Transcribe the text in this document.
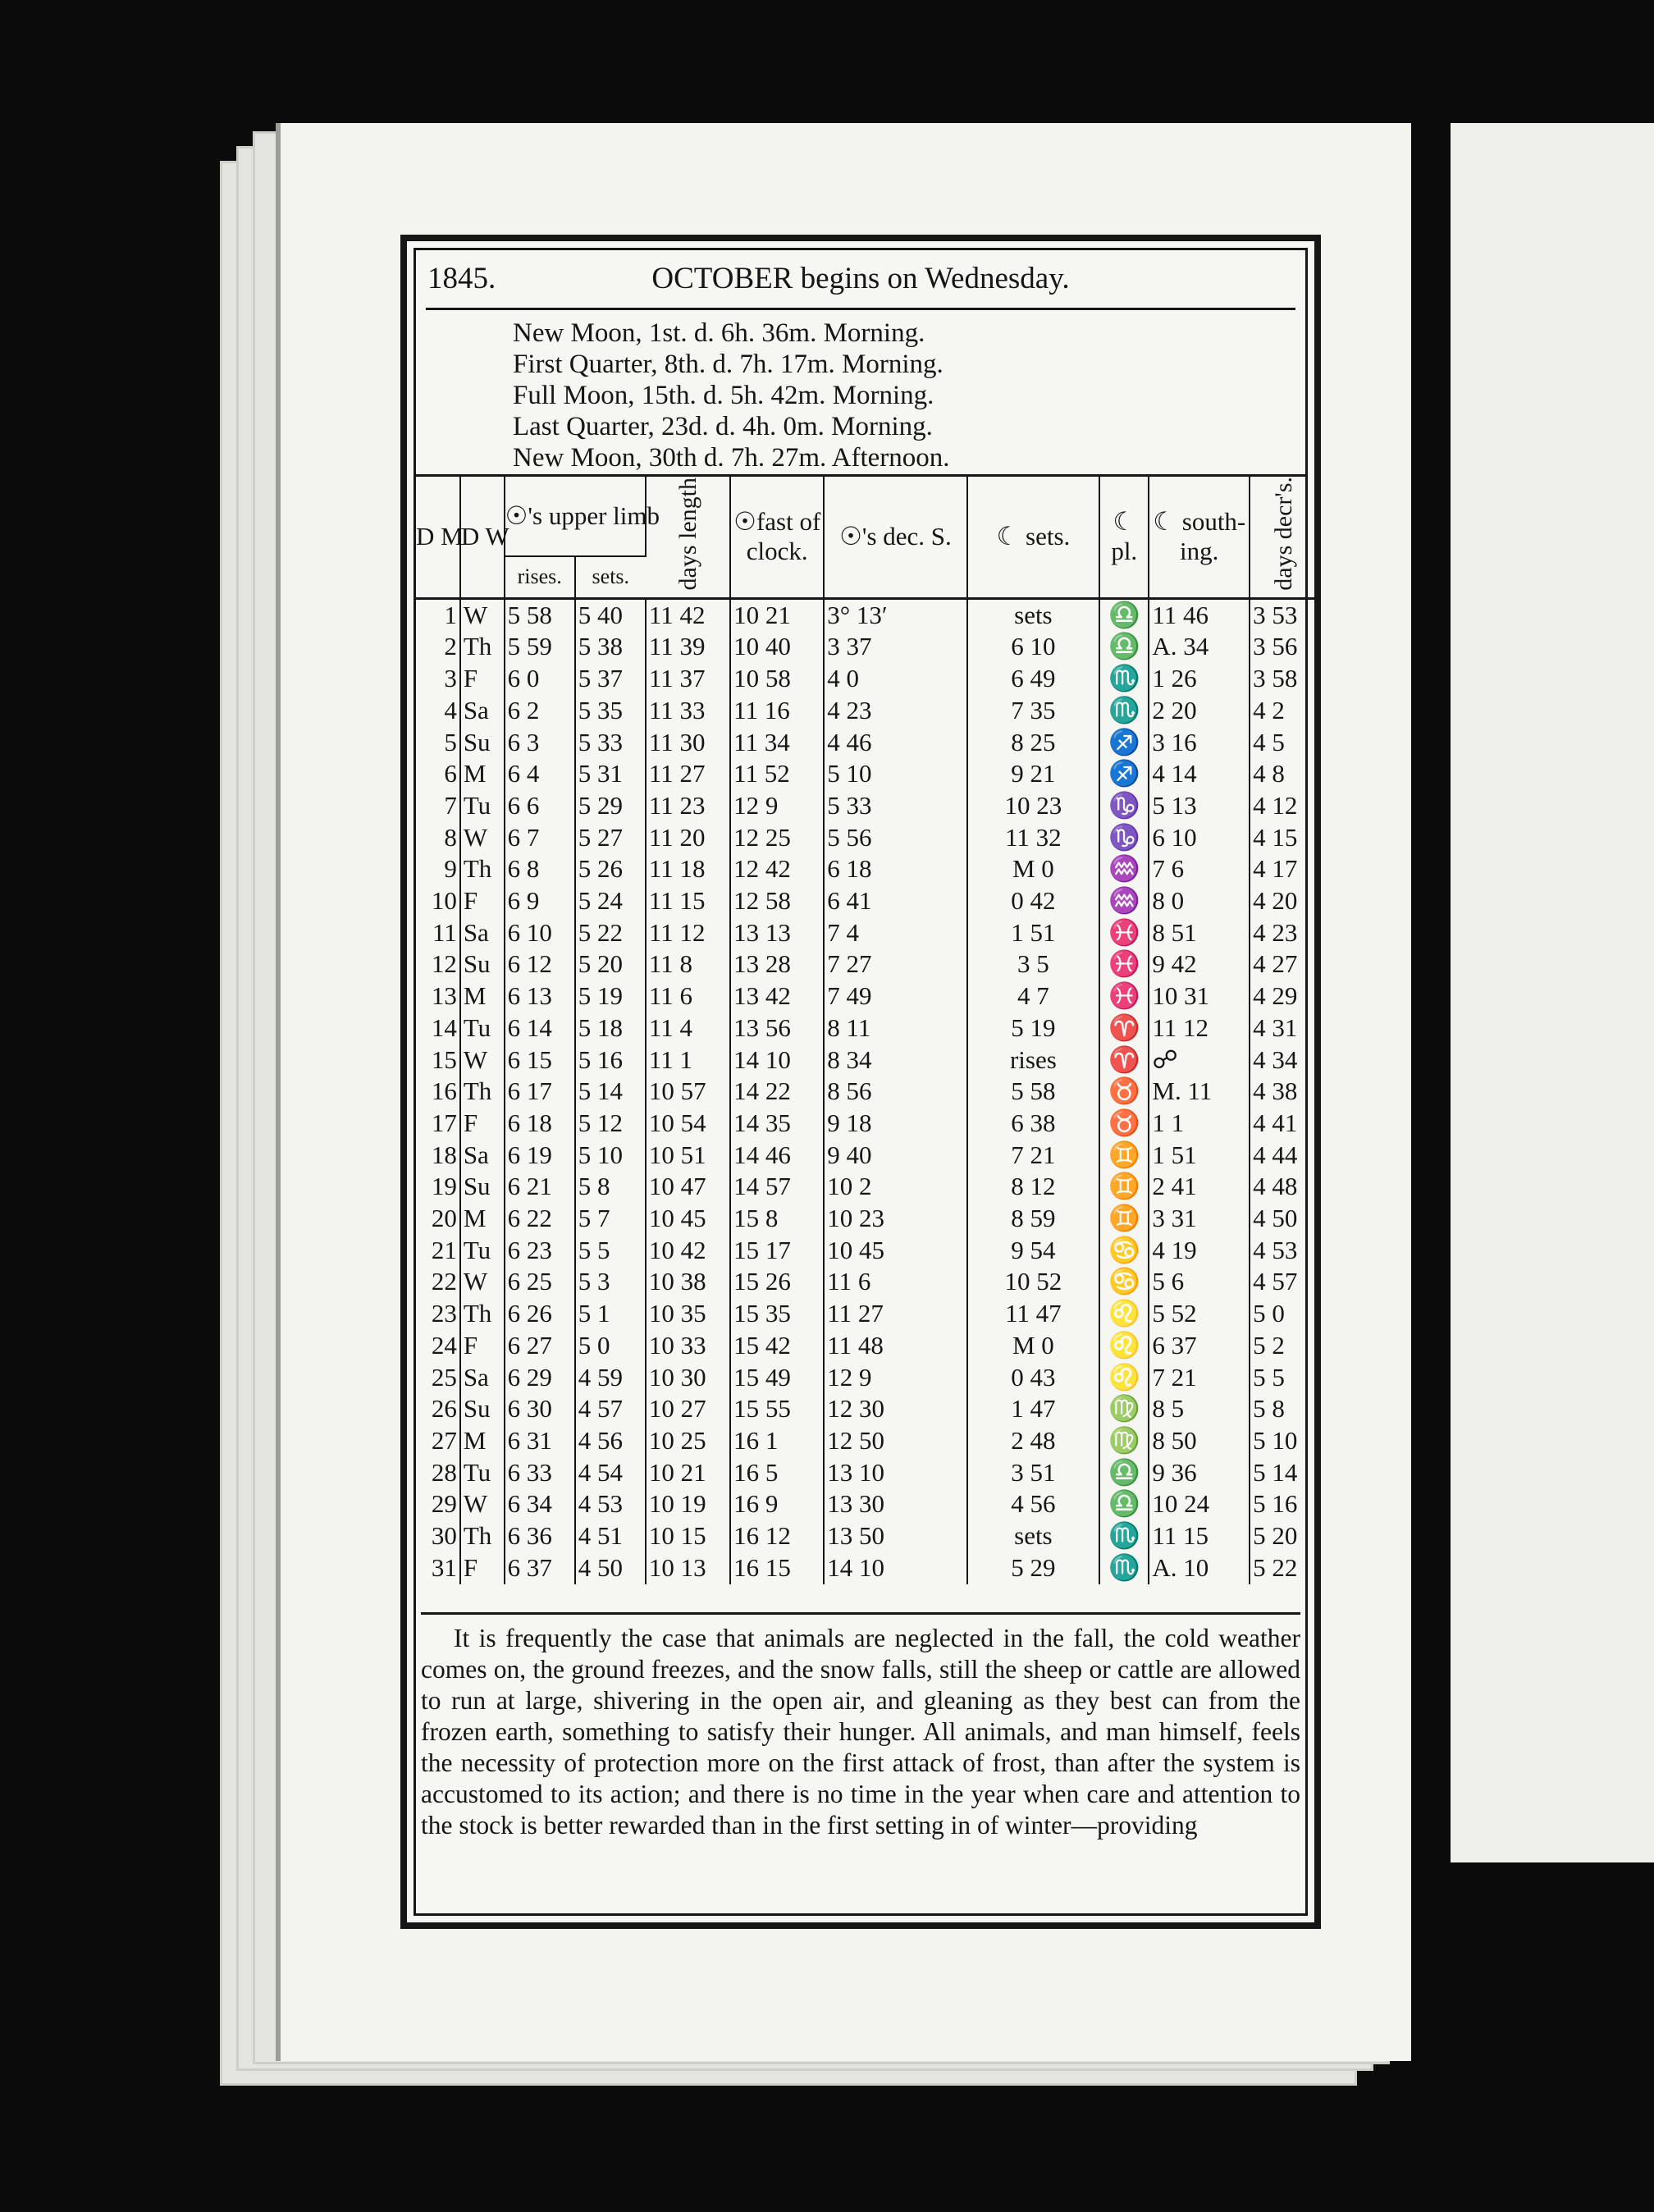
1845.	OCTOBER begins on Wednesday.
New Moon, 1st. d. 6h. 36m. Morning.
First Quarter, 8th. d. 7h. 17m. Morning.
Full Moon, 15th. d. 5h. 42m. Morning.
Last Quarter, 23d. d. 4h. 0m. Morning.
New Moon, 30th d. 7h. 27m. Afternoon.
D M	D W	☉'s upper limb		days length	☉fast of clock.	☉'s dec. S.	☾ sets.	☾ pl.	☾ south-ing.	days decr's.
		rises.	sets.							
1	W	5 58	5 40	11 42	10 21	3° 13′	sets	♎	11 46	3 53
2	Th	5 59	5 38	11 39	10 40	3 37	6 10	♎	A. 34	3 56
3	F	6 0	5 37	11 37	10 58	4 0	6 49	♏	1 26	3 58
4	Sa	6 2	5 35	11 33	11 16	4 23	7 35	♏	2 20	4 2
5	Su	6 3	5 33	11 30	11 34	4 46	8 25	♐	3 16	4 5
6	M	6 4	5 31	11 27	11 52	5 10	9 21	♐	4 14	4 8
7	Tu	6 6	5 29	11 23	12 9	5 33	10 23	♑	5 13	4 12
8	W	6 7	5 27	11 20	12 25	5 56	11 32	♑	6 10	4 15
9	Th	6 8	5 26	11 18	12 42	6 18	M 0	♒	7 6	4 17
10	F	6 9	5 24	11 15	12 58	6 41	0 42	♒	8 0	4 20
11	Sa	6 10	5 22	11 12	13 13	7 4	1 51	♓	8 51	4 23
12	Su	6 12	5 20	11 8	13 28	7 27	3 5	♓	9 42	4 27
13	M	6 13	5 19	11 6	13 42	7 49	4 7	♓	10 31	4 29
14	Tu	6 14	5 18	11 4	13 56	8 11	5 19	♈	11 12	4 31
15	W	6 15	5 16	11 1	14 10	8 34	rises	♈	☍	4 34
16	Th	6 17	5 14	10 57	14 22	8 56	5 58	♉	M. 11	4 38
17	F	6 18	5 12	10 54	14 35	9 18	6 38	♉	1 1	4 41
18	Sa	6 19	5 10	10 51	14 46	9 40	7 21	♊	1 51	4 44
19	Su	6 21	5 8	10 47	14 57	10 2	8 12	♊	2 41	4 48
20	M	6 22	5 7	10 45	15 8	10 23	8 59	♊	3 31	4 50
21	Tu	6 23	5 5	10 42	15 17	10 45	9 54	♋	4 19	4 53
22	W	6 25	5 3	10 38	15 26	11 6	10 52	♋	5 6	4 57
23	Th	6 26	5 1	10 35	15 35	11 27	11 47	♌	5 52	5 0
24	F	6 27	5 0	10 33	15 42	11 48	M 0	♌	6 37	5 2
25	Sa	6 29	4 59	10 30	15 49	12 9	0 43	♌	7 21	5 5
26	Su	6 30	4 57	10 27	15 55	12 30	1 47	♍	8 5	5 8
27	M	6 31	4 56	10 25	16 1	12 50	2 48	♍	8 50	5 10
28	Tu	6 33	4 54	10 21	16 5	13 10	3 51	♎	9 36	5 14
29	W	6 34	4 53	10 19	16 9	13 30	4 56	♎	10 24	5 16
30	Th	6 36	4 51	10 15	16 12	13 50	sets	♏	11 15	5 20
31	F	6 37	4 50	10 13	16 15	14 10	5 29	♏	A. 10	5 22
It is frequently the case that animals are neglected in the fall, the cold weather comes on, the ground freezes, and the snow falls, still the sheep or cattle are allowed to run at large, shivering in the open air, and gleaning as they best can from the frozen earth, something to satisfy their hunger. All animals, and man himself, feels the necessity of protection more on the first attack of frost, than after the system is accustomed to its action; and there is no time in the year when care and attention to the stock is better rewarded than in the first setting in of winter—providing
